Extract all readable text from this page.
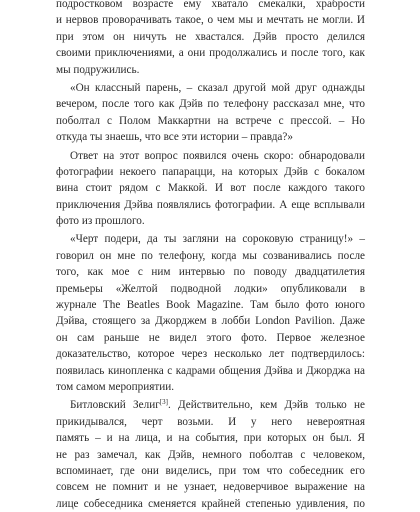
подростковом возрасте ему хватало смекалки, храбрости
и нервов проворачивать такое, о чем мы и мечтать не могли. И
при этом он ничуть не хвастался. Дэйв просто делился
своими приключениями, а они продолжались и после того, как
мы подружились.
«Он классный парень, – сказал другой мой друг однажды
вечером, после того как Дэйв по телефону рассказал мне, что
поболтал с Полом Маккартни на встрече с прессой. – Но
откуда ты знаешь, что все эти истории – правда?»
Ответ на этот вопрос появился очень скоро: обнародовали
фотографии некоего папарацци, на которых Дэйв с бокалом
вина стоит рядом с Маккой. И вот после каждого такого
приключения Дэйва появлялись фотографии. А еще всплывали
фото из прошлого.
«Черт подери, да ты загляни на сороковую страницу!» –
говорил он мне по телефону, когда мы созванивались после
того, как мое с ним интервью по поводу двадцатилетия
премьеры «Желтой подводной лодки» опубликовали в
журнале The Beatles Book Magazine. Там было фото юного
Дэйва, стоящего за Джорджем в лобби London Pavilion. Даже
он сам раньше не видел этого фото. Первое железное
доказательство, которое через несколько лет подтвердилось:
появилась кинопленка с кадрами общения Дэйва и Джорджа на
том самом мероприятии.
Битловский Зелиг[3]. Действительно, кем Дэйв только не
прикидывался, черт возьми. И у него невероятная
память – и на лица, и на события, при которых он был. Я
не раз замечал, как Дэйв, немного поболтав с человеком,
вспоминает, где они виделись, при том что собеседник его
совсем не помнит и не узнает, недоверчивое выражение на
лице собеседника сменяется крайней степенью удивления, по
